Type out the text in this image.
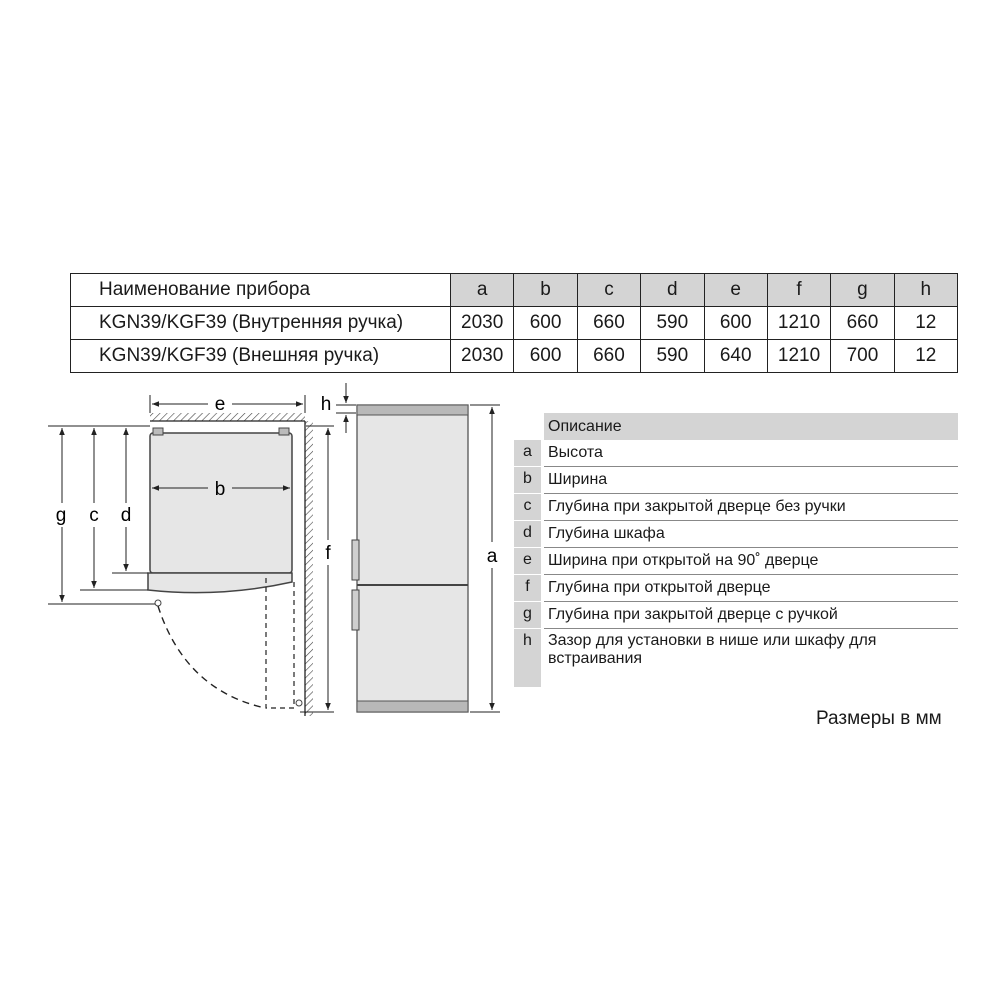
Наименование прибора	a	b	c	d	e	f	g	h
KGN39/KGF39 (Внутренняя ручка)	2030	600	660	590	600	1210	660	12
KGN39/KGF39 (Внешняя ручка)	2030	600	660	590	640	1210	700	12
e
b
g c d
f
h
a
	Описание
a	Высота
b	Ширина
c	Глубина при закрытой дверце без ручки
d	Глубина шкафа
e	Ширина при открытой на 90˚ дверце
f	Глубина при открытой дверце
g	Глубина при закрытой дверце с ручкой
h	Зазор для установки в нише или шкафу для встраивания
Размеры в мм
